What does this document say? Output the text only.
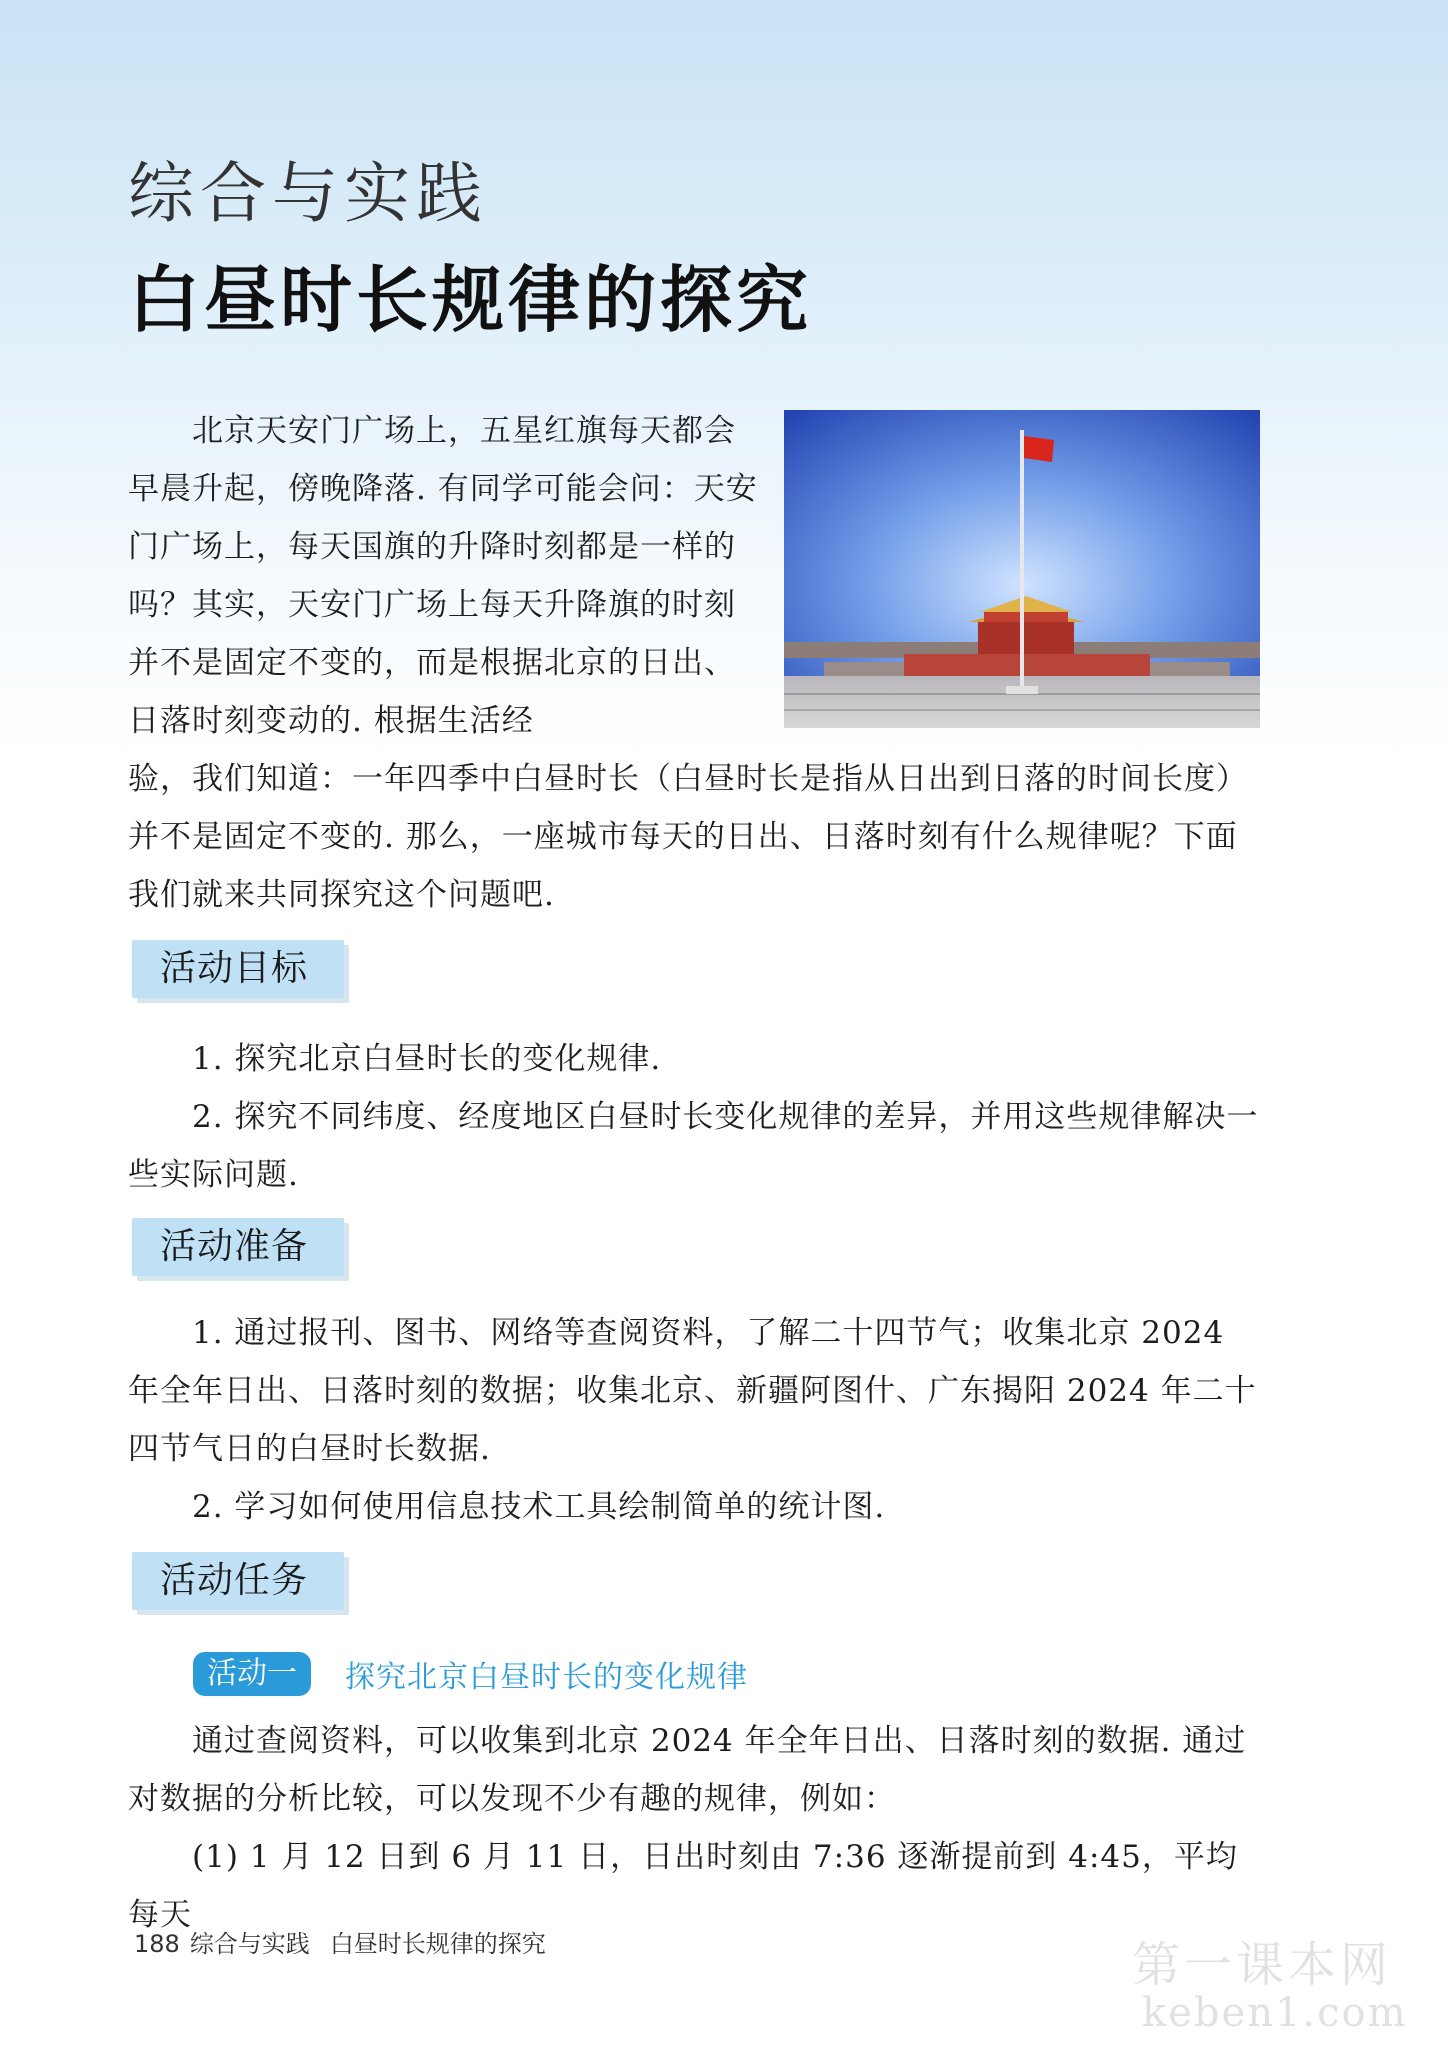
综合与实践
白昼时长规律的探究
北京天安门广场上，五星红旗每天都会早晨升起，傍晚降落. 有同学可能会问：天安门广场上，每天国旗的升降时刻都是一样的吗？其实，天安门广场上每天升降旗的时刻并不是固定不变的，而是根据北京的日出、日落时刻变动的. 根据生活经
验，我们知道：一年四季中白昼时长（白昼时长是指从日出到日落的时间长度）并不是固定不变的. 那么，一座城市每天的日出、日落时刻有什么规律呢？下面我们就来共同探究这个问题吧.
活动目标
1. 探究北京白昼时长的变化规律.
2. 探究不同纬度、经度地区白昼时长变化规律的差异，并用这些规律解决一些实际问题.
活动准备
1. 通过报刊、图书、网络等查阅资料，了解二十四节气；收集北京 2024 年全年日出、日落时刻的数据；收集北京、新疆阿图什、广东揭阳 2024 年二十四节气日的白昼时长数据.
2. 学习如何使用信息技术工具绘制简单的统计图.
活动任务
活动一	探究北京白昼时长的变化规律
通过查阅资料，可以收集到北京 2024 年全年日出、日落时刻的数据. 通过对数据的分析比较，可以发现不少有趣的规律，例如：
(1) 1 月 12 日到 6 月 11 日，日出时刻由 7:36 逐渐提前到 4:45，平均每天
188 综合与实践 白昼时长规律的探究	第一课本网
keben1.com
